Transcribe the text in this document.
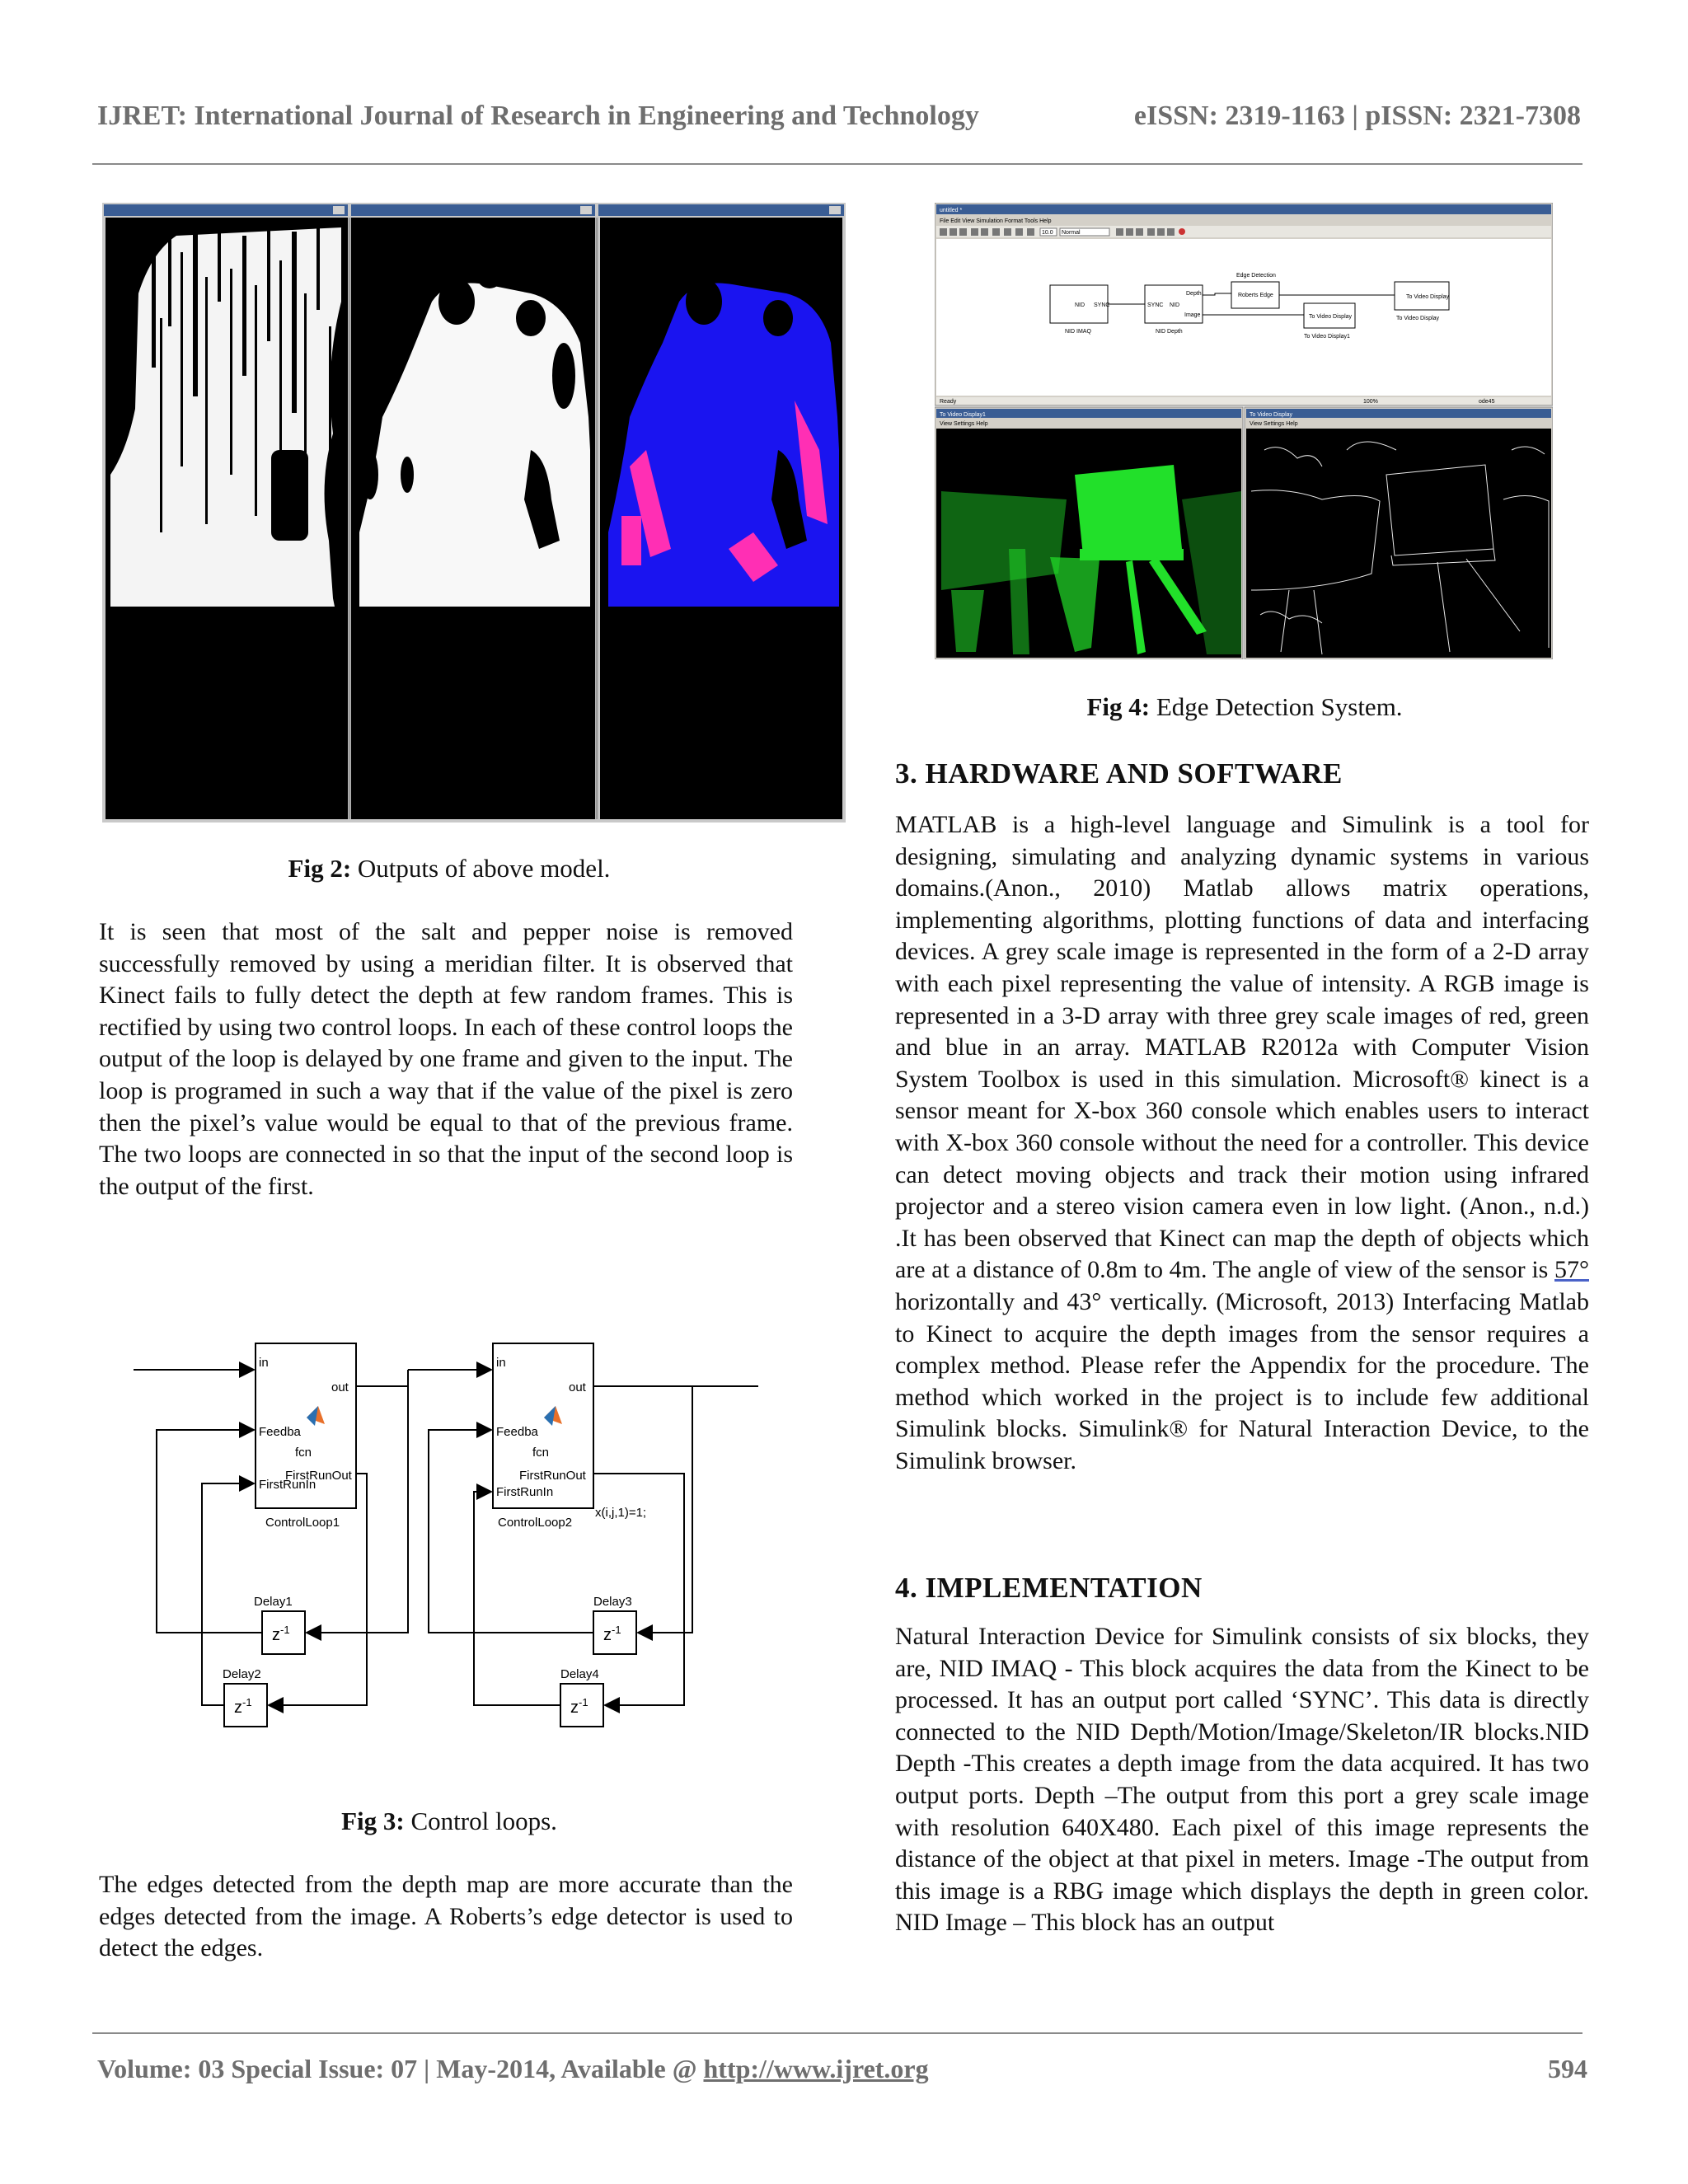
IJRET: International Journal of Research in Engineering and Technology	eISSN: 2319-1163 | pISSN: 2321-7308
Fig 2: Outputs of above model.
It is seen that most of the salt and pepper noise is removed successfully removed by using a meridian filter. It is observed that Kinect fails to fully detect the depth at few random frames. This is rectified by using two control loops. In each of these control loops the output of the loop is delayed by one frame and given to the input. The loop is programed in such a way that if the value of the pixel is zero then the pixel’s value would be equal to that of the previous frame. The two loops are connected in so that the input of the second loop is the output of the first.
in
out
Feedba
fcn
FirstRunOut
FirstRunIn
ControlLoop1
in
out
Feedba
fcn
FirstRunOut
FirstRunIn
ControlLoop2
x(i,j,1)=1;
Delay1
Delay2
Delay3
Delay4
$z^{-1}$
$z^{-1}$
$z^{-1}$
$z^{-1}$
Fig 3: Control loops.
The edges detected from the depth map are more accurate than the edges detected from the image. A Roberts’s edge detector is used to detect the edges.
untitled *
File Edit View Simulation Format Tools Help
10.0 Normal
NID SYNC
NID IMAQ
SYNC NID
Depth
Image
NID Depth
Edge Detection
Roberts Edge
To Video Display
To Video Display1
To Video Display
To Video Display
Ready	100%	ode45
To Video Display1
View Settings Help
To Video Display
View Settings Help
Fig 4: Edge Detection System.
3. HARDWARE AND SOFTWARE
MATLAB is a high-level language and Simulink is a tool for designing, simulating and analyzing dynamic systems in various domains.(Anon., 2010) Matlab allows matrix operations, implementing algorithms, plotting functions of data and interfacing devices. A grey scale image is represented in the form of a 2-D array with each pixel representing the value of intensity. A RGB image is represented in a 3-D array with three grey scale images of red, green and blue in an array. MATLAB R2012a with Computer Vision System Toolbox is used in this simulation. Microsoft® kinect is a sensor meant for X-box 360 console which enables users to interact with X-box 360 console without the need for a controller. This device can detect moving objects and track their motion using infrared projector and a stereo vision camera even in low light. (Anon., n.d.) .It has been observed that Kinect can map the depth of objects which are at a distance of 0.8m to 4m. The angle of view of the sensor is 57° horizontally and 43° vertically. (Microsoft, 2013) Interfacing Matlab to Kinect to acquire the depth images from the sensor requires a complex method. Please refer the Appendix for the procedure. The method which worked in the project is to include few additional Simulink blocks. Simulink® for Natural Interaction Device, to the Simulink browser.
4. IMPLEMENTATION
Natural Interaction Device for Simulink consists of six blocks, they are, NID IMAQ - This block acquires the data from the Kinect to be processed. It has an output port called ‘SYNC’. This data is directly connected to the NID Depth/Motion/Image/Skeleton/IR blocks.NID Depth -This creates a depth image from the data acquired. It has two output ports. Depth –The output from this port a grey scale image with resolution 640X480. Each pixel of this image represents the distance of the object at that pixel in meters. Image -The output from this image is a RBG image which displays the depth in green color. NID Image – This block has an output
Volume: 03 Special Issue: 07 | May-2014, Available @ http://www.ijret.org	594
